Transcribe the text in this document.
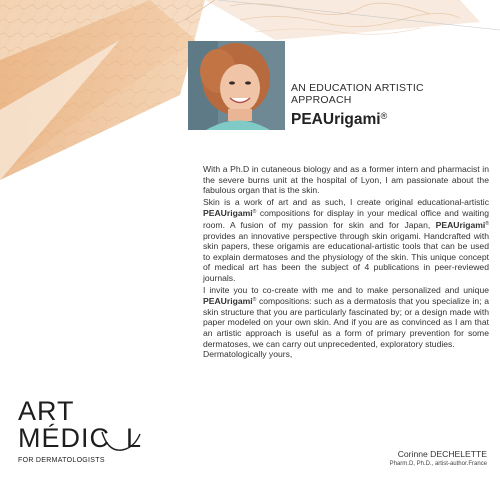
AN EDUCATION ARTISTIC

APPROACH

PEAUrigami®

With a Ph.D in cutaneous biology and as a former intern and pharmacist in the severe burns unit at the hospital of Lyon, I am passionate about the fabulous organ that is the skin.

Skin is a work of art and as such, I create original educational-artistic PEAUrigami® compositions for display in your medical office and waiting room. A fusion of my passion for skin and for Japan, PEAUrigami® provides an innovative perspective through skin origami. Handcrafted with skin papers, these origamis are educational-artistic tools that can be used to explain dermatoses and the physiology of the skin. This unique concept of medical art has been the subject of 4 publications in peer-reviewed journals.

I invite you to co-create with me and to make personalized and unique PEAUrigami® compositions: such as a dermatosis that you specialize in; a skin structure that you are particularly fascinated by; or a design made with paper modeled on your own skin. And if you are as convinced as I am that an artistic approach is useful as a form of primary prevention for some dermatoses, we can carry out unprecedented, exploratory studies.

Dermatologically yours,

Corinne DECHELETTE
Pharm.D, Ph.D., artist-author.France
ART
MÉDIC L
FOR DERMATOLOGISTS
